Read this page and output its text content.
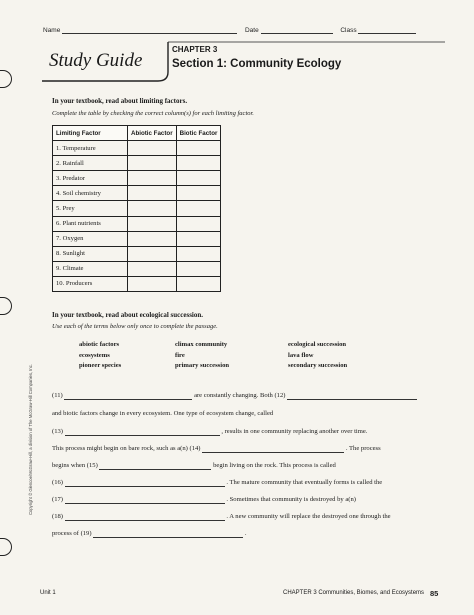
Name	Date	Class
Study Guide
CHAPTER 3
Section 1: Community Ecology
In your textbook, read about limiting factors.
Complete the table by checking the correct column(s) for each limiting factor.
Limiting Factor	Abiotic Factor	Biotic Factor
1. Temperature		
2. Rainfall		
3. Predator		
4. Soil chemistry		
5. Prey		
6. Plant nutrients		
7. Oxygen		
8. Sunlight		
9. Climate		
10. Producers		
In your textbook, read about ecological succession.
Use each of the terms below only once to complete the passage.
abiotic factors	climax community	ecological succession
ecosystems	fire	lava flow
pioneer species	primary succession	secondary succession
(11)	are constantly changing. Both (12)
and biotic factors change in every ecosystem. One type of ecosystem change, called
(13)	, results in one community replacing another over time.
This process might begin on bare rock, such as a(n) (14)	. The process
begins when (15)	begin living on the rock. This process is called
(16)	. The mature community that eventually forms is called the
(17)	. Sometimes that community is destroyed by a(n)
(18)	. A new community will replace the destroyed one through the
process of (19)	.
Copyright © Glencoe/McGraw-Hill, a division of The McGraw-Hill Companies, Inc.
Unit 1	CHAPTER 3 Communities, Biomes, and Ecosystems 85
